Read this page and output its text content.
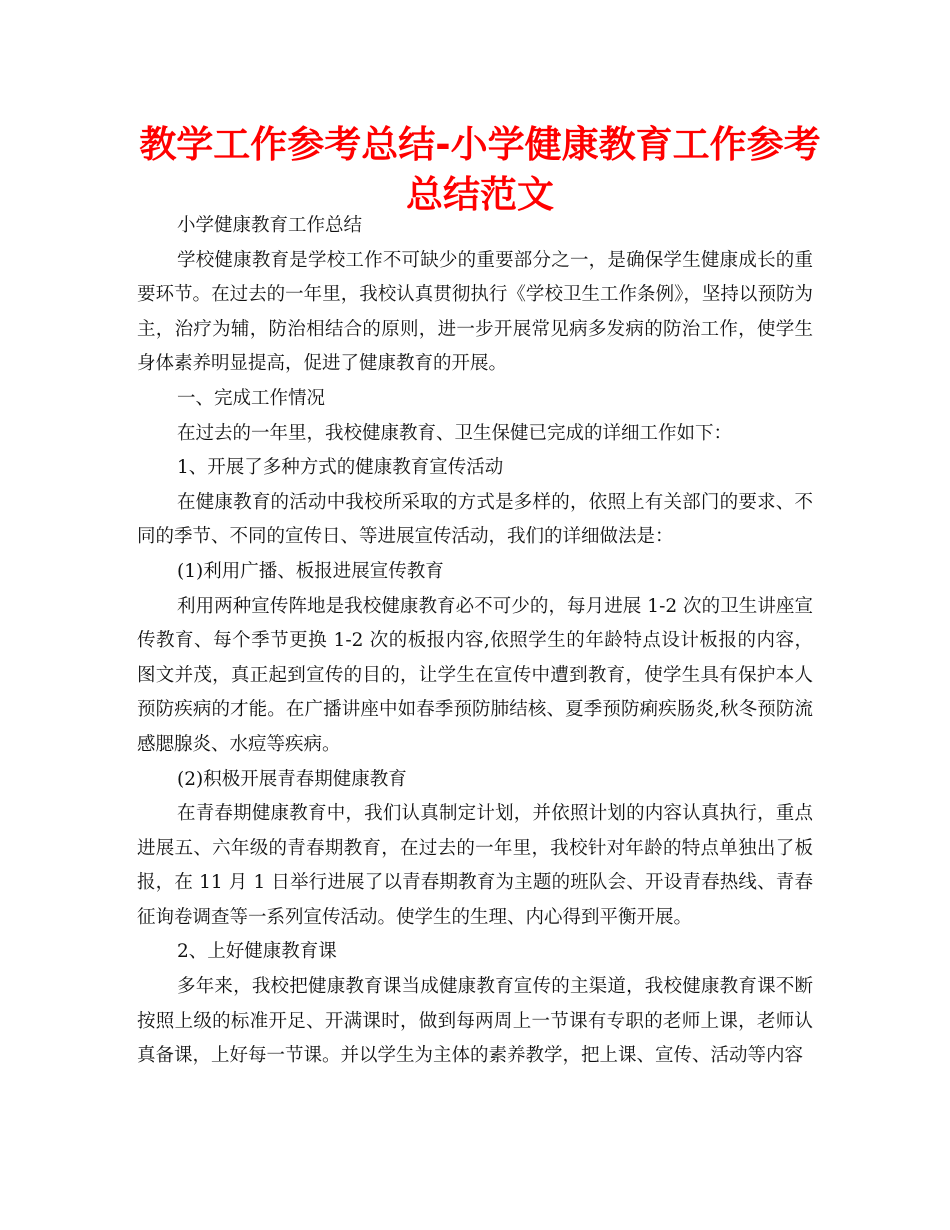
教学工作参考总结-小学健康教育工作参考总结范文

小学健康教育工作总结

学校健康教育是学校工作不可缺少的重要部分之一，是确保学生健康成长的重要环节。在过去的一年里，我校认真贯彻执行《学校卫生工作条例》，坚持以预防为主，治疗为辅，防治相结合的原则，进一步开展常见病多发病的防治工作，使学生身体素养明显提高，促进了健康教育的开展。

一、完成工作情况

在过去的一年里，我校健康教育、卫生保健已完成的详细工作如下：

1、开展了多种方式的健康教育宣传活动

在健康教育的活动中我校所采取的方式是多样的，依照上有关部门的要求、不同的季节、不同的宣传日、等进展宣传活动，我们的详细做法是：

(1)利用广播、板报进展宣传教育

利用两种宣传阵地是我校健康教育必不可少的，每月进展 1-2 次的卫生讲座宣传教育、每个季节更换 1-2 次的板报内容,依照学生的年龄特点设计板报的内容，图文并茂，真正起到宣传的目的，让学生在宣传中遭到教育，使学生具有保护本人预防疾病的才能。在广播讲座中如春季预防肺结核、夏季预防痢疾肠炎,秋冬预防流感腮腺炎、水痘等疾病。

(2)积极开展青春期健康教育

在青春期健康教育中，我们认真制定计划，并依照计划的内容认真执行，重点进展五、六年级的青春期教育，在过去的一年里，我校针对年龄的特点单独出了板报，在 11 月 1 日举行进展了以青春期教育为主题的班队会、开设青春热线、青春征询卷调查等一系列宣传活动。使学生的生理、内心得到平衡开展。

2、上好健康教育课

多年来，我校把健康教育课当成健康教育宣传的主渠道，我校健康教育课不断按照上级的标准开足、开满课时，做到每两周上一节课有专职的老师上课，老师认真备课，上好每一节课。并以学生为主体的素养教学，把上课、宣传、活动等内容
